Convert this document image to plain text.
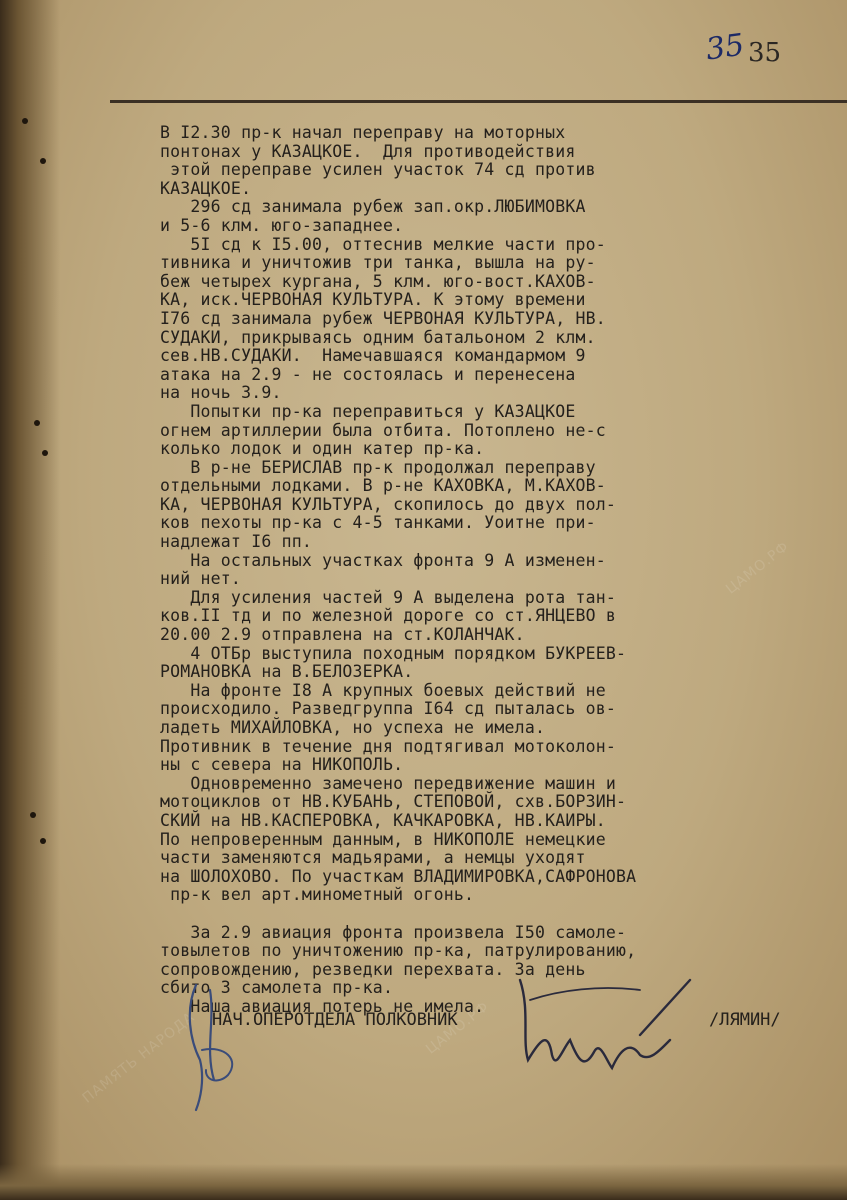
ПАМЯТЬ НАРОДА	ЦАМО.РФ
ЦАМО.РФ
35 35
В I2.30 пр-к начал переправу на моторных
понтонах у КАЗАЦКОЕ.  Для противодействия
этой переправе усилен участок 74 сд против
КАЗАЦКОЕ.
296 сд занимала рубеж зап.окр.ЛЮБИМОВКА
и 5-6 клм. юго-западнее.
5I сд к I5.00, оттеснив мелкие части про-
тивника и уничтожив три танка, вышла на ру-
беж четырех кургана, 5 клм. юго-вост.КАХОВ-
КА, иск.ЧЕРВОНАЯ КУЛЬТУРА. К этому времени
I76 сд занимала рубеж ЧЕРВОНАЯ КУЛЬТУРА, НВ.
СУДАКИ, прикрываясь одним батальоном 2 клм.
сев.НВ.СУДАКИ.  Намечавшаяся командармом 9
атака на 2.9 - не состоялась и перенесена
на ночь 3.9.
Попытки пр-ка переправиться у КАЗАЦКОЕ
огнем артиллерии была отбита. Потоплено не-с
колько лодок и один катер пр-ка.
В р-не БЕРИСЛАВ пр-к продолжал переправу
отдельными лодками. В р-не КАХОВКА, М.КАХОВ-
КА, ЧЕРВОНАЯ КУЛЬТУРА, скопилось до двух пол-
ков пехоты пр-ка с 4-5 танками. Уоитне при-
надлежат I6 пп.
На остальных участках фронта 9 А изменен-
ний нет.
Для усиления частей 9 А выделена рота тан-
ков.II тд и по железной дороге со ст.ЯНЦЕВО в
20.00 2.9 отправлена на ст.КОЛАНЧАК.
4 ОТБр выступила походным порядком БУКРЕЕВ-
РОМАНОВКА на В.БЕЛОЗЕРКА.
На фронте I8 А крупных боевых действий не
происходило. Разведгруппа I64 сд пыталась ов-
ладеть МИХАЙЛОВКА, но успеха не имела.
Противник в течение дня подтягивал мотоколон-
ны с севера на НИКОПОЛЬ.
Одновременно замечено передвижение машин и
мотоциклов от НВ.КУБАНЬ, СТЕПОВОЙ, схв.БОРЗИН-
СКИЙ на НВ.КАСПЕРОВКА, КАЧКАРОВКА, НВ.КАИРЫ.
По непроверенным данным, в НИКОПОЛЕ немецкие
части заменяются мадьярами, а немцы уходят
на ШОЛОХОВО. По участкам ВЛАДИМИРОВКА,САФРОНОВА
пр-к вел арт.минометный огонь.
За 2.9 авиация фронта произвела I50 самоле-
товылетов по уничтожению пр-ка, патрулированию,
сопровождению, резведки перехвата. За день
сбито 3 самолета пр-ка.
Наша авиация потерь не имела.

НАЧ.ОПЕРОТДЕЛА ПОЛКОВНИК

	/ЛЯМИН/
